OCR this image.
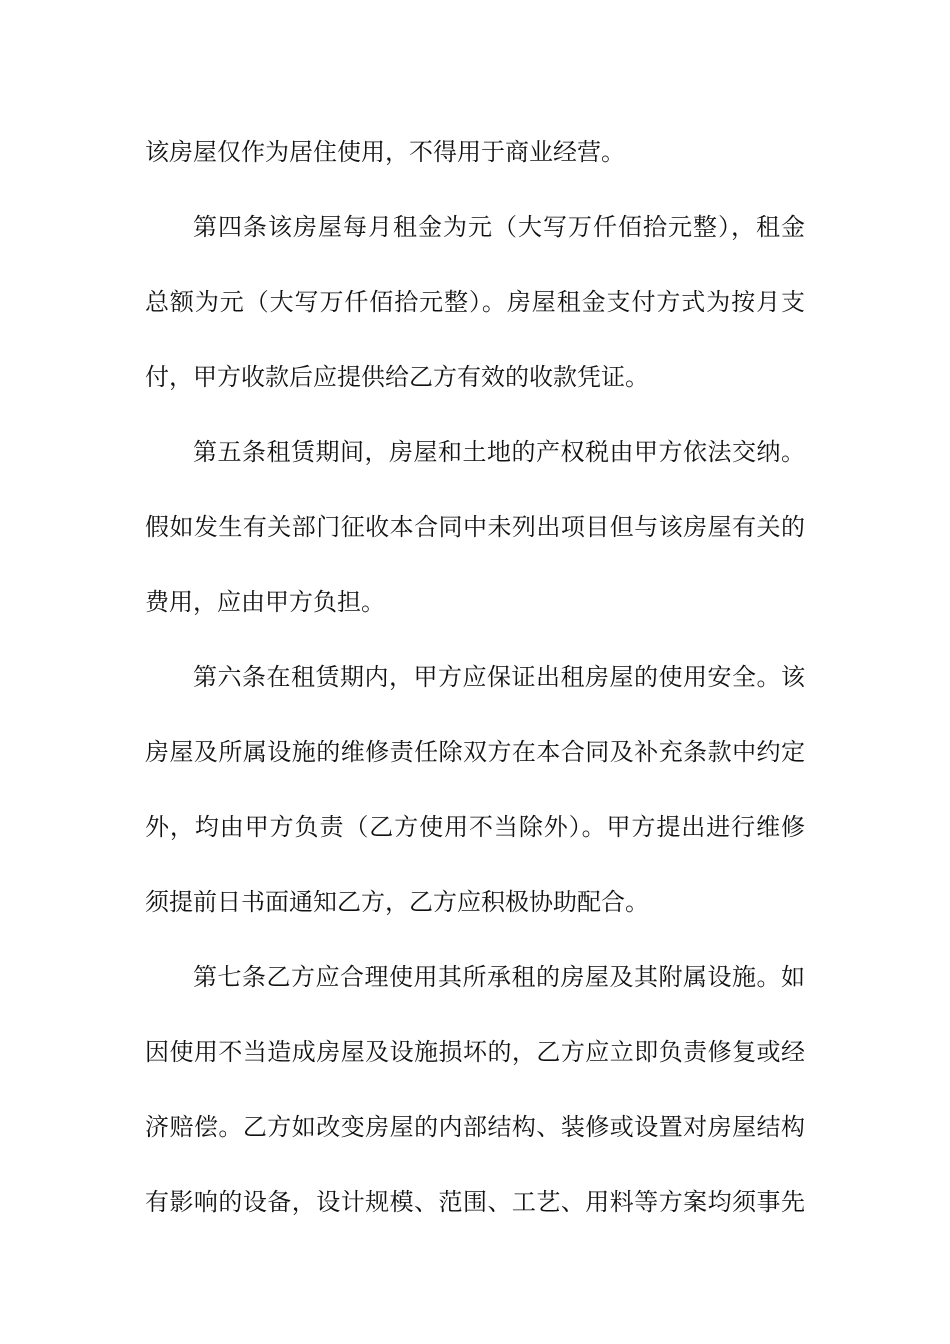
该房屋仅作为居住使用，不得用于商业经营。
第四条该房屋每月租金为元（大写万仟佰拾元整），租金
总额为元（大写万仟佰拾元整）。房屋租金支付方式为按月支
付，甲方收款后应提供给乙方有效的收款凭证。
第五条租赁期间，房屋和土地的产权税由甲方依法交纳。
假如发生有关部门征收本合同中未列出项目但与该房屋有关的
费用，应由甲方负担。
第六条在租赁期内，甲方应保证出租房屋的使用安全。该
房屋及所属设施的维修责任除双方在本合同及补充条款中约定
外，均由甲方负责（乙方使用不当除外）。甲方提出进行维修
须提前日书面通知乙方，乙方应积极协助配合。
第七条乙方应合理使用其所承租的房屋及其附属设施。如
因使用不当造成房屋及设施损坏的，乙方应立即负责修复或经
济赔偿。乙方如改变房屋的内部结构、装修或设置对房屋结构
有影响的设备，设计规模、范围、工艺、用料等方案均须事先
